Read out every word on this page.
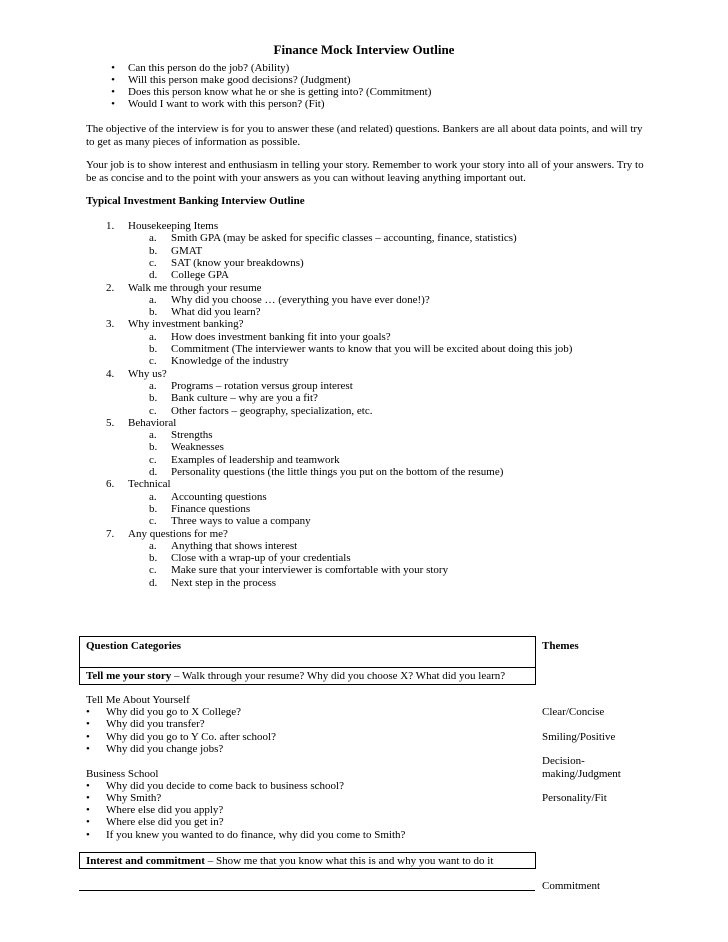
Finance Mock Interview Outline
• Can this person do the job? (Ability)
• Will this person make good decisions? (Judgment)
• Does this person know what he or she is getting into? (Commitment)
• Would I want to work with this person? (Fit)
The objective of the interview is for you to answer these (and related) questions. Bankers are all about data points, and will try to get as many pieces of information as possible.
Your job is to show interest and enthusiasm in telling your story. Remember to work your story into all of your answers. Try to be as concise and to the point with your answers as you can without leaving anything important out.
Typical Investment Banking Interview Outline
1. Housekeeping Items
a. Smith GPA (may be asked for specific classes – accounting, finance, statistics)
b. GMAT
c. SAT (know your breakdowns)
d. College GPA
2. Walk me through your resume
a. Why did you choose … (everything you have ever done!)?
b. What did you learn?
3. Why investment banking?
a. How does investment banking fit into your goals?
b. Commitment (The interviewer wants to know that you will be excited about doing this job)
c. Knowledge of the industry
4. Why us?
a. Programs – rotation versus group interest
b. Bank culture – why are you a fit?
c. Other factors – geography, specialization, etc.
5. Behavioral
a. Strengths
b. Weaknesses
c. Examples of leadership and teamwork
d. Personality questions (the little things you put on the bottom of the resume)
6. Technical
a. Accounting questions
b. Finance questions
c. Three ways to value a company
7. Any questions for me?
a. Anything that shows interest
b. Close with a wrap-up of your credentials
c. Make sure that your interviewer is comfortable with your story
d. Next step in the process
Question Categories	Themes
Tell me your story – Walk through your resume? Why did you choose X? What did you learn?
Tell Me About Yourself
• Why did you go to X College?
• Why did you transfer?
• Why did you go to Y Co. after school?
• Why did you change jobs?
Business School
• Why did you decide to come back to business school?
• Why Smith?
• Where else did you apply?
• Where else did you get in?
• If you knew you wanted to do finance, why did you come to Smith?
Clear/Concise
Smiling/Positive
Decision-
making/Judgment
Personality/Fit
Interest and commitment – Show me that you know what this is and why you want to do it
Commitment
